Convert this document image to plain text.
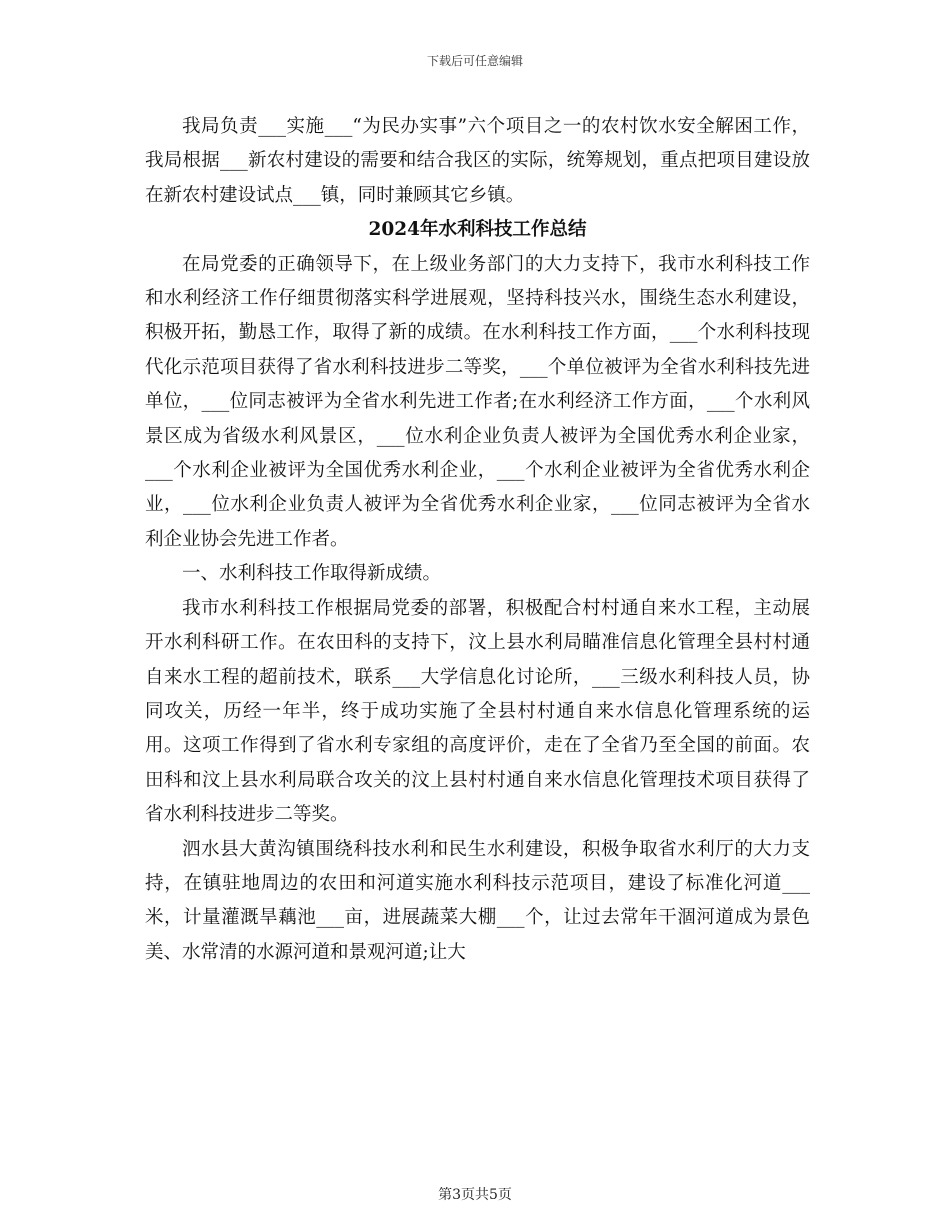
下载后可任意编辑

我局负责___实施___“为民办实事”六个项目之一的农村饮水安全解困工作，我局根据___新农村建设的需要和结合我区的实际，统筹规划，重点把项目建设放在新农村建设试点___镇，同时兼顾其它乡镇。

2024年水利科技工作总结

在局党委的正确领导下，在上级业务部门的大力支持下，我市水利科技工作和水利经济工作仔细贯彻落实科学进展观，坚持科技兴水，围绕生态水利建设，积极开拓，勤恳工作，取得了新的成绩。在水利科技工作方面，___个水利科技现代化示范项目获得了省水利科技进步二等奖，___个单位被评为全省水利科技先进单位，___位同志被评为全省水利先进工作者;在水利经济工作方面，___个水利风景区成为省级水利风景区，___位水利企业负责人被评为全国优秀水利企业家，___个水利企业被评为全国优秀水利企业，___个水利企业被评为全省优秀水利企业，___位水利企业负责人被评为全省优秀水利企业家，___位同志被评为全省水利企业协会先进工作者。

一、水利科技工作取得新成绩。

我市水利科技工作根据局党委的部署，积极配合村村通自来水工程，主动展开水利科研工作。在农田科的支持下，汶上县水利局瞄准信息化管理全县村村通自来水工程的超前技术，联系___大学信息化讨论所，___三级水利科技人员，协同攻关，历经一年半，终于成功实施了全县村村通自来水信息化管理系统的运用。这项工作得到了省水利专家组的高度评价，走在了全省乃至全国的前面。农田科和汶上县水利局联合攻关的汶上县村村通自来水信息化管理技术项目获得了省水利科技进步二等奖。

泗水县大黄沟镇围绕科技水利和民生水利建设，积极争取省水利厅的大力支持，在镇驻地周边的农田和河道实施水利科技示范项目，建设了标准化河道___米，计量灌溉旱藕池___亩，进展蔬菜大棚___个，让过去常年干涸河道成为景色美、水常清的水源河道和景观河道;让大

第3页共5页
